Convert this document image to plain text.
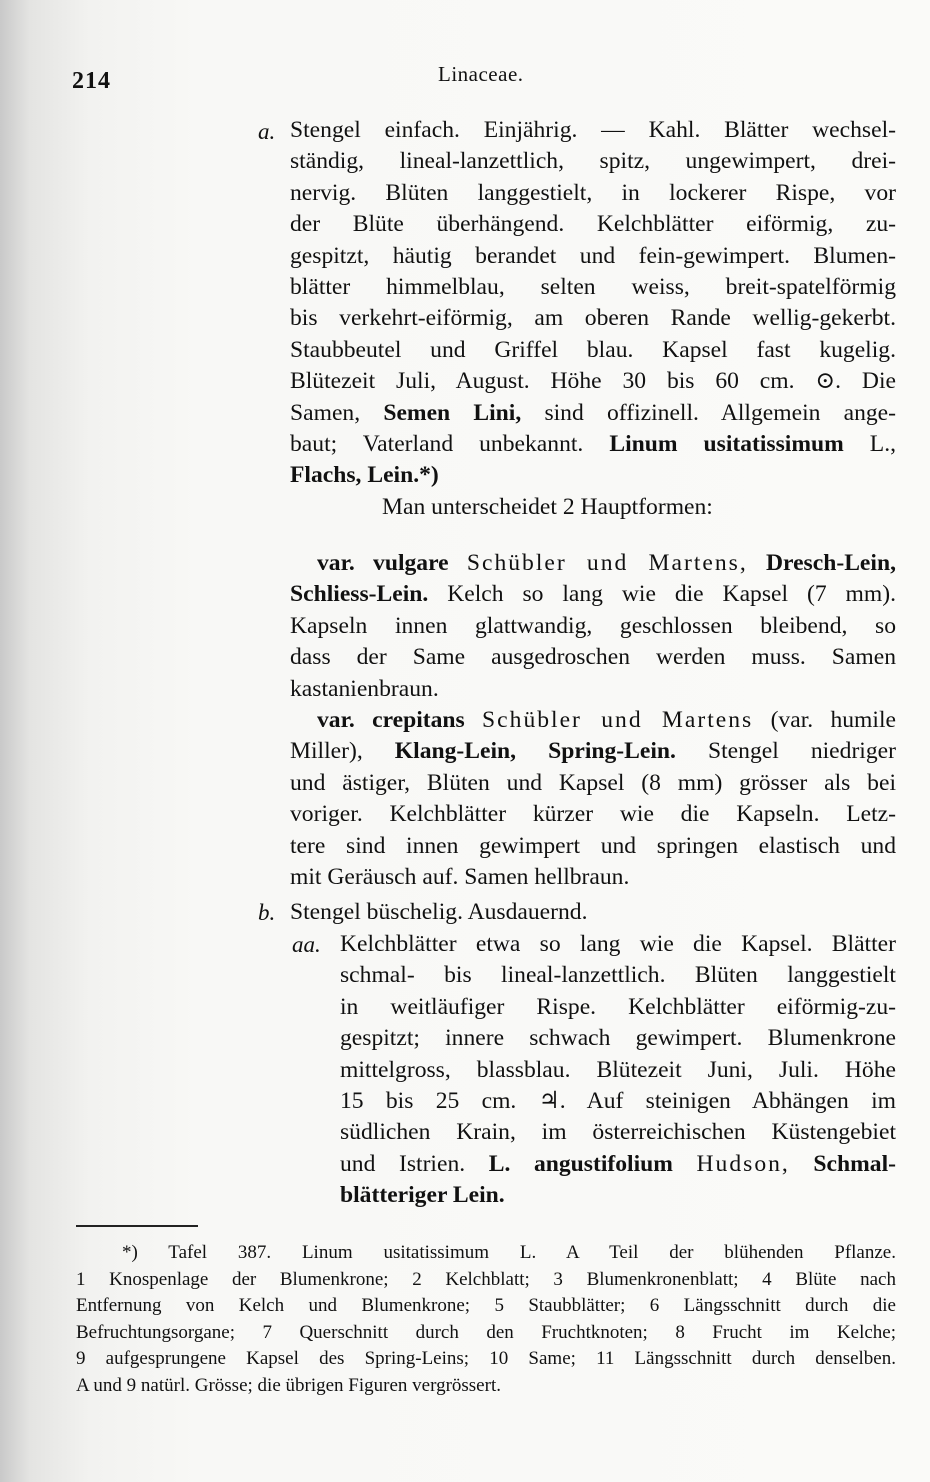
214	Linaceae.
a. Stengel einfach. Einjährig. — Kahl. Blätter wechsel-
ständig, lineal-lanzettlich, spitz, ungewimpert, drei-
nervig. Blüten langgestielt, in lockerer Rispe, vor
der Blüte überhängend. Kelchblätter eiförmig, zu-
gespitzt, häutig berandet und fein-gewimpert. Blumen-
blätter himmelblau, selten weiss, breit-spatelförmig
bis verkehrt-eiförmig, am oberen Rande wellig-gekerbt.
Staubbeutel und Griffel blau. Kapsel fast kugelig.
Blütezeit Juli, August. Höhe 30 bis 60 cm. ⊙. Die
Samen, Semen Lini, sind offizinell. Allgemein ange-
baut; Vaterland unbekannt. Linum usitatissimum L.,
Flachs, Lein.*)
Man unterscheidet 2 Hauptformen:
var. vulgare Schübler und Martens, Dresch-Lein,
Schliess-Lein. Kelch so lang wie die Kapsel (7 mm).
Kapseln innen glattwandig, geschlossen bleibend, so
dass der Same ausgedroschen werden muss. Samen
kastanienbraun.
var. crepitans Schübler und Martens (var. humile
Miller), Klang-Lein, Spring-Lein. Stengel niedriger
und ästiger, Blüten und Kapsel (8 mm) grösser als bei
voriger. Kelchblätter kürzer wie die Kapseln. Letz-
tere sind innen gewimpert und springen elastisch und
mit Geräusch auf. Samen hellbraun.
b. Stengel büschelig. Ausdauernd.
aa. Kelchblätter etwa so lang wie die Kapsel. Blätter
schmal- bis lineal-lanzettlich. Blüten langgestielt
in weitläufiger Rispe. Kelchblätter eiförmig-zu-
gespitzt; innere schwach gewimpert. Blumenkrone
mittelgross, blassblau. Blütezeit Juni, Juli. Höhe
15 bis 25 cm. ♃. Auf steinigen Abhängen im
südlichen Krain, im österreichischen Küstengebiet
und Istrien. L. angustifolium Hudson, Schmal-
blätteriger Lein.
*) Tafel 387. Linum usitatissimum L. A Teil der blühenden Pflanze.
1 Knospenlage der Blumenkrone; 2 Kelchblatt; 3 Blumenkronenblatt; 4 Blüte nach
Entfernung von Kelch und Blumenkrone; 5 Staubblätter; 6 Längsschnitt durch die
Befruchtungsorgane; 7 Querschnitt durch den Fruchtknoten; 8 Frucht im Kelche;
9 aufgesprungene Kapsel des Spring-Leins; 10 Same; 11 Längsschnitt durch denselben.
A und 9 natürl. Grösse; die übrigen Figuren vergrössert.
